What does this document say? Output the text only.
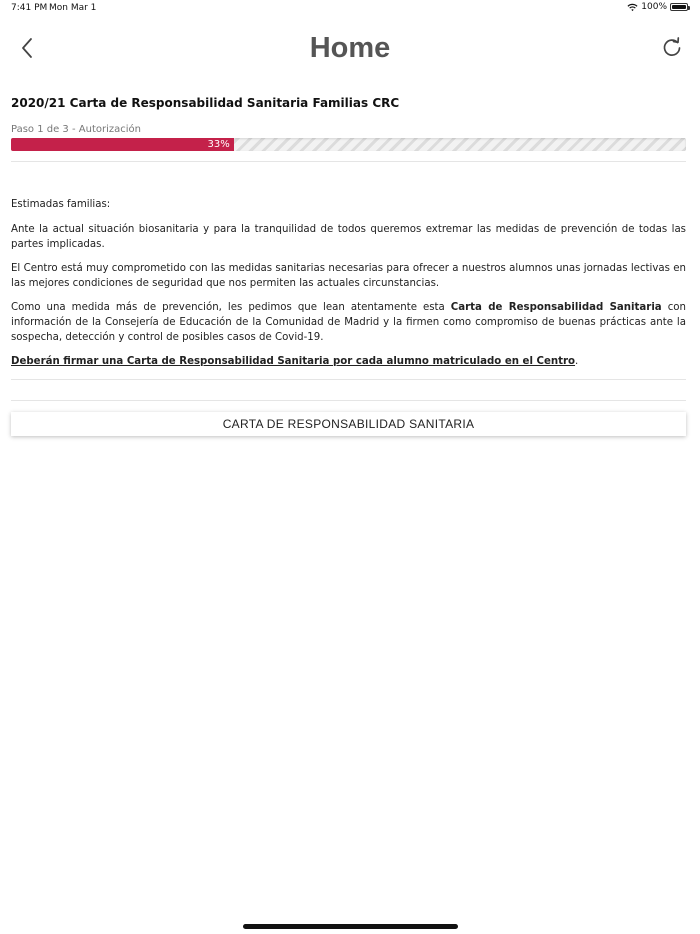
7:41 PM Mon Mar 1	100%
Home
2020/21 Carta de Responsabilidad Sanitaria Familias CRC
Paso 1 de 3 - Autorización
33%

Estimadas familias:

Ante la actual situación biosanitaria y para la tranquilidad de todos queremos extremar las medidas de prevención de todas las partes implicadas.

El Centro está muy comprometido con las medidas sanitarias necesarias para ofrecer a nuestros alumnos unas jornadas lectivas en las mejores condiciones de seguridad que nos permiten las actuales circunstancias.

Como una medida más de prevención, les pedimos que lean atentamente esta Carta de Responsabilidad Sanitaria con información de la Consejería de Educación de la Comunidad de Madrid y la firmen como compromiso de buenas prácticas ante la sospecha, detección y control de posibles casos de Covid-19.

Deberán firmar una Carta de Responsabilidad Sanitaria por cada alumno matriculado en el Centro.

CARTA DE RESPONSABILIDAD SANITARIA
